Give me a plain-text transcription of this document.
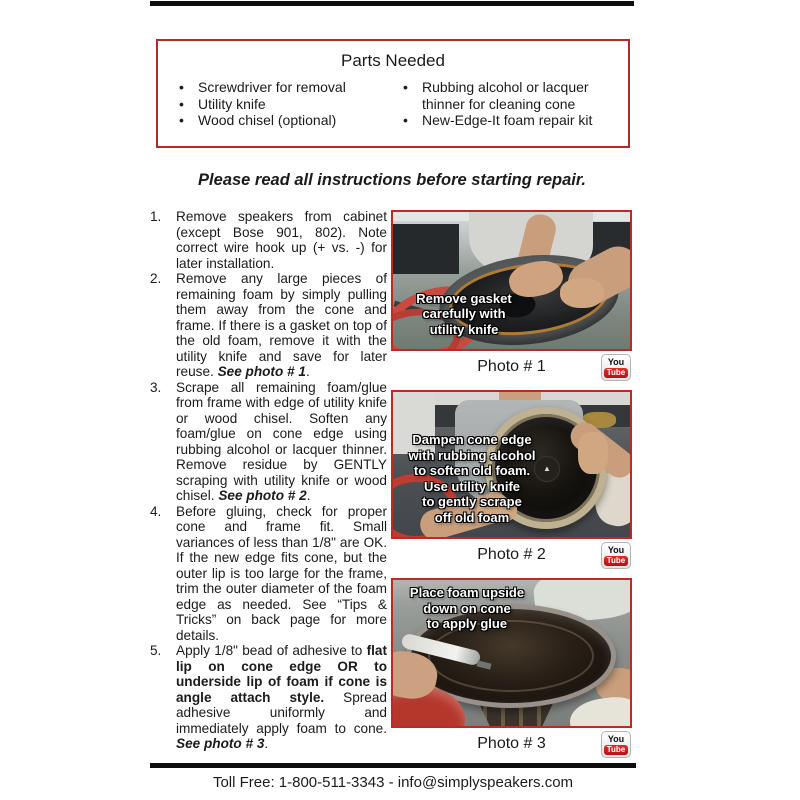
Parts Needed
• Screwdriver for removal
• Utility knife
• Wood chisel (optional)
• Rubbing alcohol or lacquer thinner for cleaning cone
• New-Edge-It foam repair kit
Please read all instructions before starting repair.
1.	Remove speakers from cabinet (except Bose 901, 802). Note correct wire hook up (+ vs. -) for later installation.
2.	Remove any large pieces of remaining foam by simply pulling them away from the cone and frame. If there is a gasket on top of the old foam, remove it with the utility knife and save for later reuse. See photo # 1.
3.	Scrape all remaining foam/glue from frame with edge of utility knife or wood chisel. Soften any foam/glue on cone edge using rubbing alcohol or lacquer thinner. Remove residue by GENTLY scraping with utility knife or wood chisel. See photo # 2.
4.	Before gluing, check for proper cone and frame fit. Small variances of less than 1/8" are OK. If the new edge fits cone, but the outer lip is too large for the frame, trim the outer diameter of the foam edge as needed. See “Tips & Tricks” on back page for more details.
5.	Apply 1/8" bead of adhesive to flat lip on cone edge OR to underside lip of foam if cone is angle attach style. Spread adhesive uniformly and immediately apply foam to cone. See photo # 3.
Remove gasket
carefully with
utility knife
Photo # 1	You
Tube
▲
Dampen cone edge
with rubbing alcohol
to soften old foam.
Use utility knife
to gently scrape
off old foam
Photo # 2	You
Tube
Place foam upside
down on cone
to apply glue
Photo # 3	You
Tube
Toll Free: 1-800-511-3343 - info@simplyspeakers.com
